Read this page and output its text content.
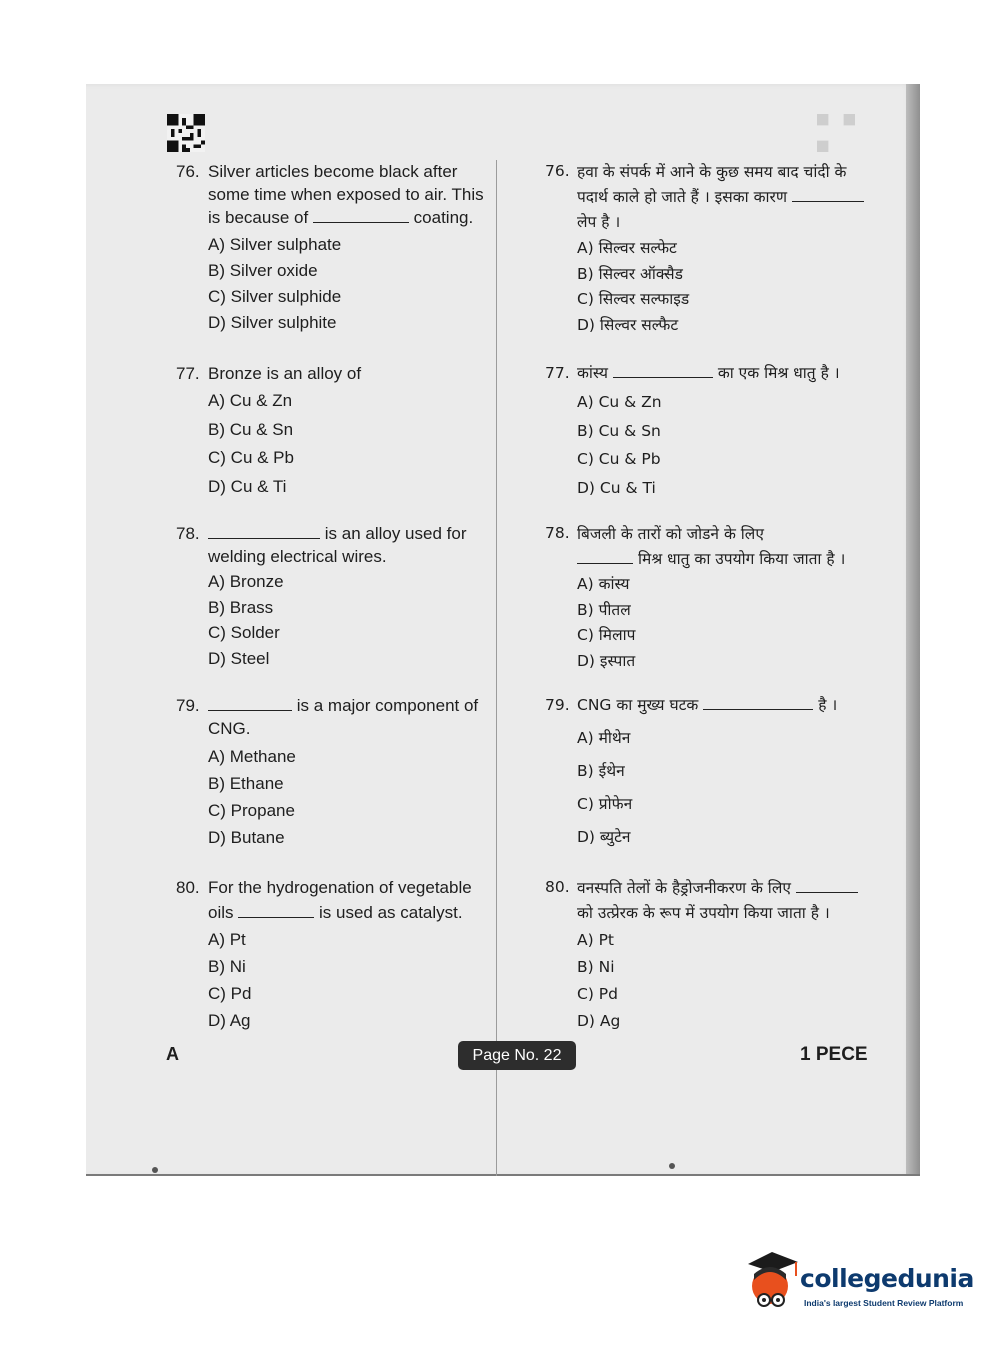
76. Silver articles become black after
some time when exposed to air. This
is because of	coating.
A) Silver sulphate
B) Silver oxide
C) Silver sulphide
D) Silver sulphite
77. Bronze is an alloy of
A) Cu & Zn
B) Cu & Sn
C) Cu & Pb
D) Cu & Ti
78.	is an alloy used for
welding electrical wires.
A) Bronze
B) Brass
C) Solder
D) Steel
79.	is a major component of
CNG.
A) Methane
B) Ethane
C) Propane
D) Butane
80. For the hydrogenation of vegetable
oils	is used as catalyst.
A) Pt
B) Ni
C) Pd
D) Ag
76. हवा के संपर्क में आने के कुछ समय बाद चांदी के
पदार्थ काले हो जाते हैं । इसका कारण
लेप है ।
A) सिल्वर सल्फेट
B) सिल्वर ऑक्सैड
C) सिल्वर सल्फाइड
D) सिल्वर सल्फैट
77. कांस्य	का एक मिश्र धातु है ।
A) Cu & Zn
B) Cu & Sn
C) Cu & Pb
D) Cu & Ti
78. बिजली के तारों को जोडने के लिए
मिश्र धातु का उपयोग किया जाता है ।
A) कांस्य
B) पीतल
C) मिलाप
D) इस्पात
79. CNG का मुख्य घटक	है ।
A) मीथेन
B) ईथेन
C) प्रोफेन
D) ब्युटेन
80. वनस्पति तेलों के हैड्रोजनीकरण के लिए
को उत्प्रेरक के रूप में उपयोग किया जाता है ।
A) Pt
B) Ni
C) Pd
D) Ag
A	Page No. 22	1 PECE
collegedunia
India's largest Student Review Platform
